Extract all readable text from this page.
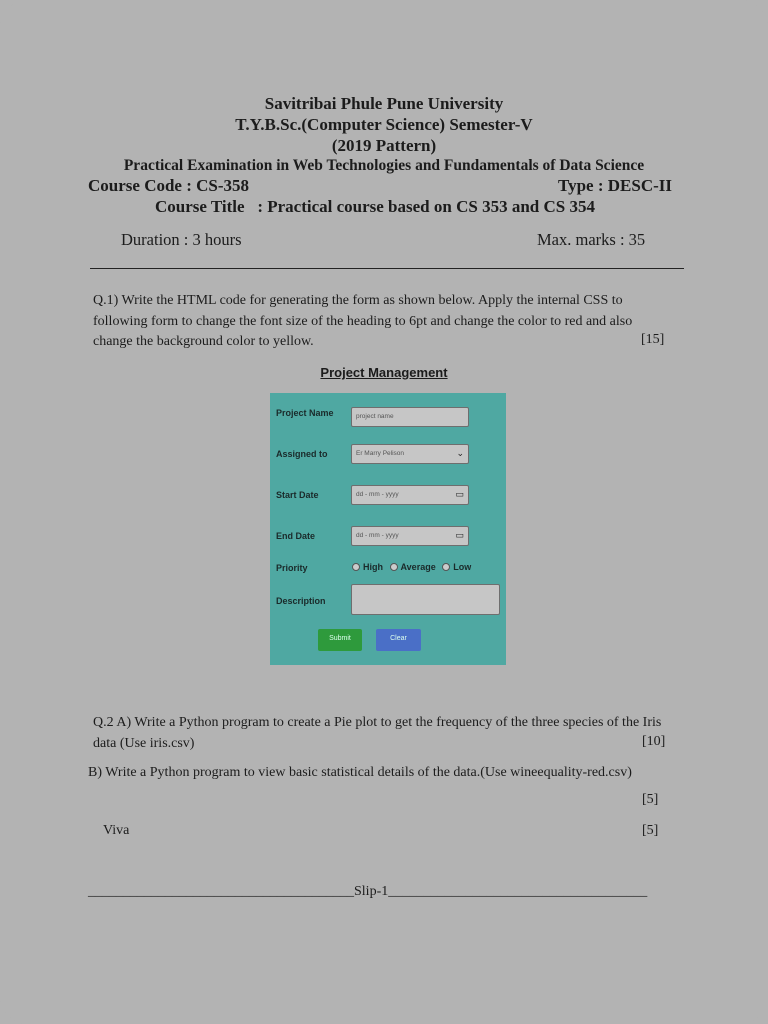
Savitribai Phule Pune University
T.Y.B.Sc.(Computer Science) Semester-V
(2019 Pattern)
Practical Examination in Web Technologies and Fundamentals of Data Science
Course Code : CS-358	Type : DESC-II
Course Title   : Practical course based on CS 353 and CS 354
Duration : 3 hours	Max. marks : 35
Q.1) Write the HTML code for generating the form as shown below. Apply the internal CSS to following form to change the font size of the heading to 6pt and change the color to red and also change the background color to yellow.	[15]
Project Management
Project Name	project name
Assigned to	Er Marry Pelison	⌄
Start Date	dd - mm - yyyy	▭
End Date	dd - mm - yyyy	▭
Priority	High Average Low
Description
Submit	Clear
Q.2 A) Write a Python program to create a Pie plot to get the frequency of the three species of the Iris data (Use iris.csv)	[10]
B) Write a Python program to view basic statistical details of the data.(Use wineequality-red.csv)
[5]
Viva	[5]
______________________________________Slip-1_____________________________________
